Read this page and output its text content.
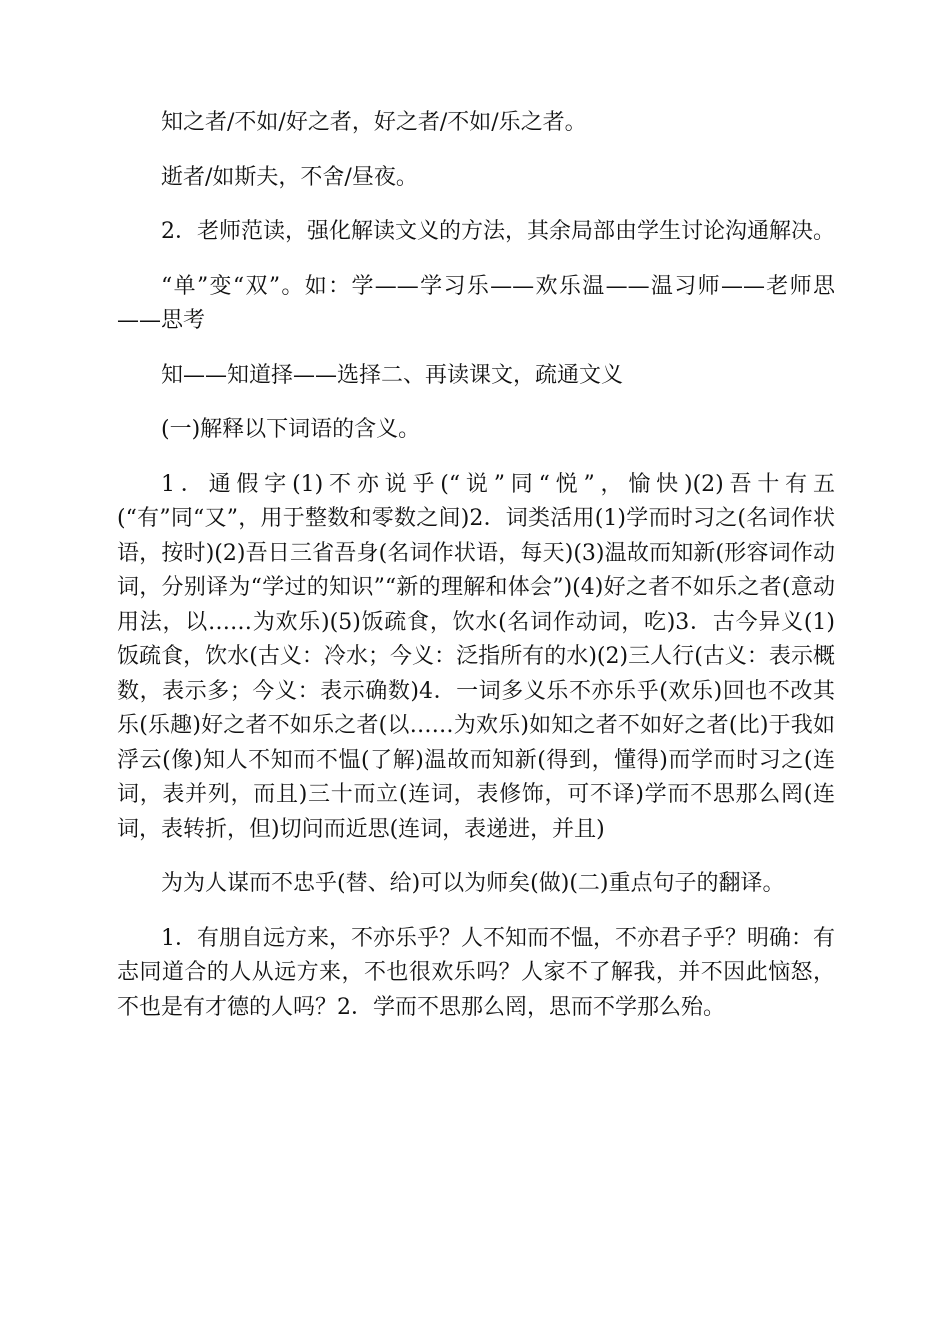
知之者/不如/好之者，好之者/不如/乐之者。

逝者/如斯夫，不舍/昼夜。

2．老师范读，强化解读文义的方法，其余局部由学生讨论沟通解决。

“单”变“双”。如：学——学习乐——欢乐温——温习师——老师思——思考

知——知道择——选择二、再读课文，疏通文义

(一)解释以下词语的含义。

1．通假字(1)不亦说乎(“说”同“悦”，愉快)(2)吾十有五(“有”同“又”，用于整数和零数之间)2．词类活用(1)学而时习之(名词作状语，按时)(2)吾日三省吾身(名词作状语，每天)(3)温故而知新(形容词作动词，分别译为“学过的知识”“新的理解和体会”)(4)好之者不如乐之者(意动用法，以……为欢乐)(5)饭疏食，饮水(名词作动词，吃)3．古今异义(1)饭疏食，饮水(古义：冷水；今义：泛指所有的水)(2)三人行(古义：表示概数，表示多；今义：表示确数)4．一词多义乐不亦乐乎(欢乐)回也不改其乐(乐趣)好之者不如乐之者(以……为欢乐)如知之者不如好之者(比)于我如浮云(像)知人不知而不愠(了解)温故而知新(得到，懂得)而学而时习之(连词，表并列，而且)三十而立(连词，表修饰，可不译)学而不思那么罔(连词，表转折，但)切问而近思(连词，表递进，并且)

为为人谋而不忠乎(替、给)可以为师矣(做)(二)重点句子的翻译。

1．有朋自远方来，不亦乐乎？人不知而不愠，不亦君子乎？明确：有志同道合的人从远方来，不也很欢乐吗？人家不了解我，并不因此恼怒，不也是有才德的人吗？2．学而不思那么罔，思而不学那么殆。
